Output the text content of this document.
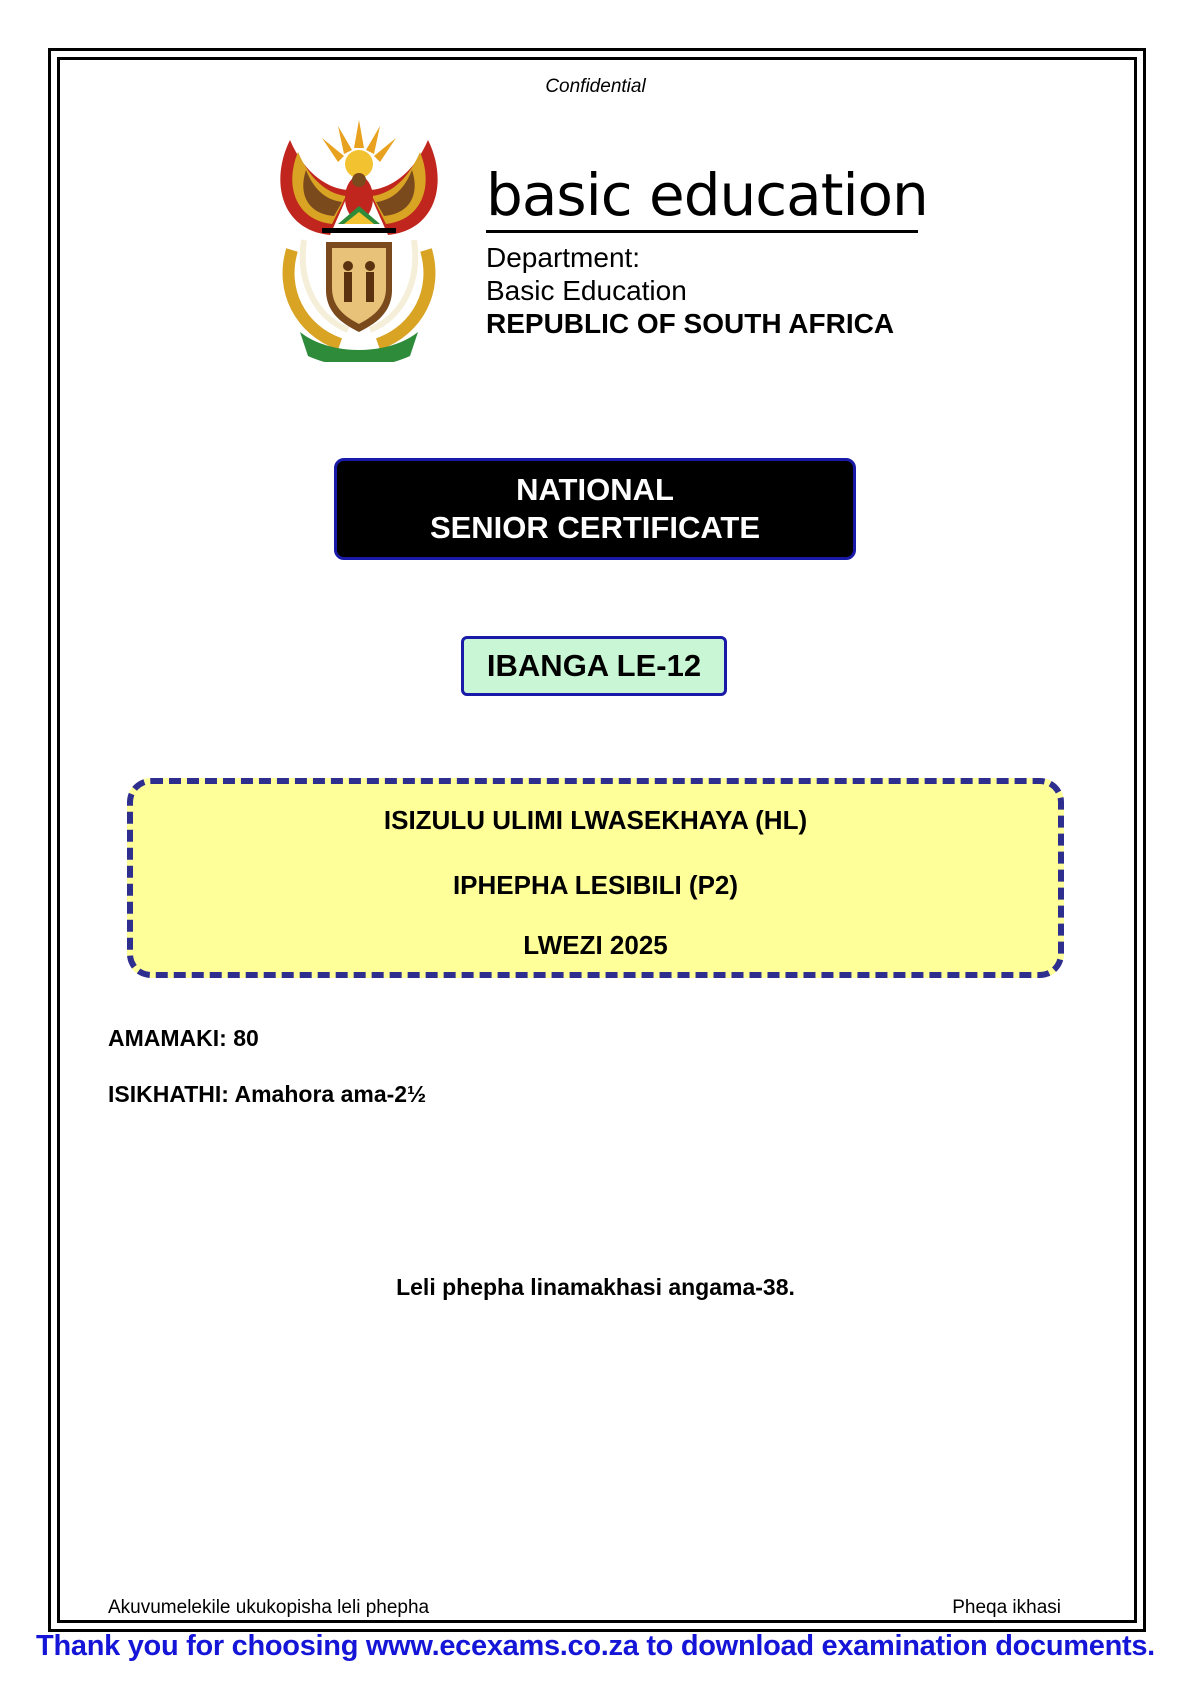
Confidential
basic education
Department:
Basic Education
REPUBLIC OF SOUTH AFRICA
NATIONAL
SENIOR CERTIFICATE
IBANGA LE-12
ISIZULU ULIMI LWASEKHAYA (HL)
IPHEPHA LESIBILI (P2)
LWEZI 2025
AMAMAKI: 80
ISIKHATHI: Amahora ama-2½
Leli phepha linamakhasi angama-38.
Akuvumelekile ukukopisha leli phepha	Pheqa ikhasi
Thank you for choosing www.ecexams.co.za to download examination documents.
